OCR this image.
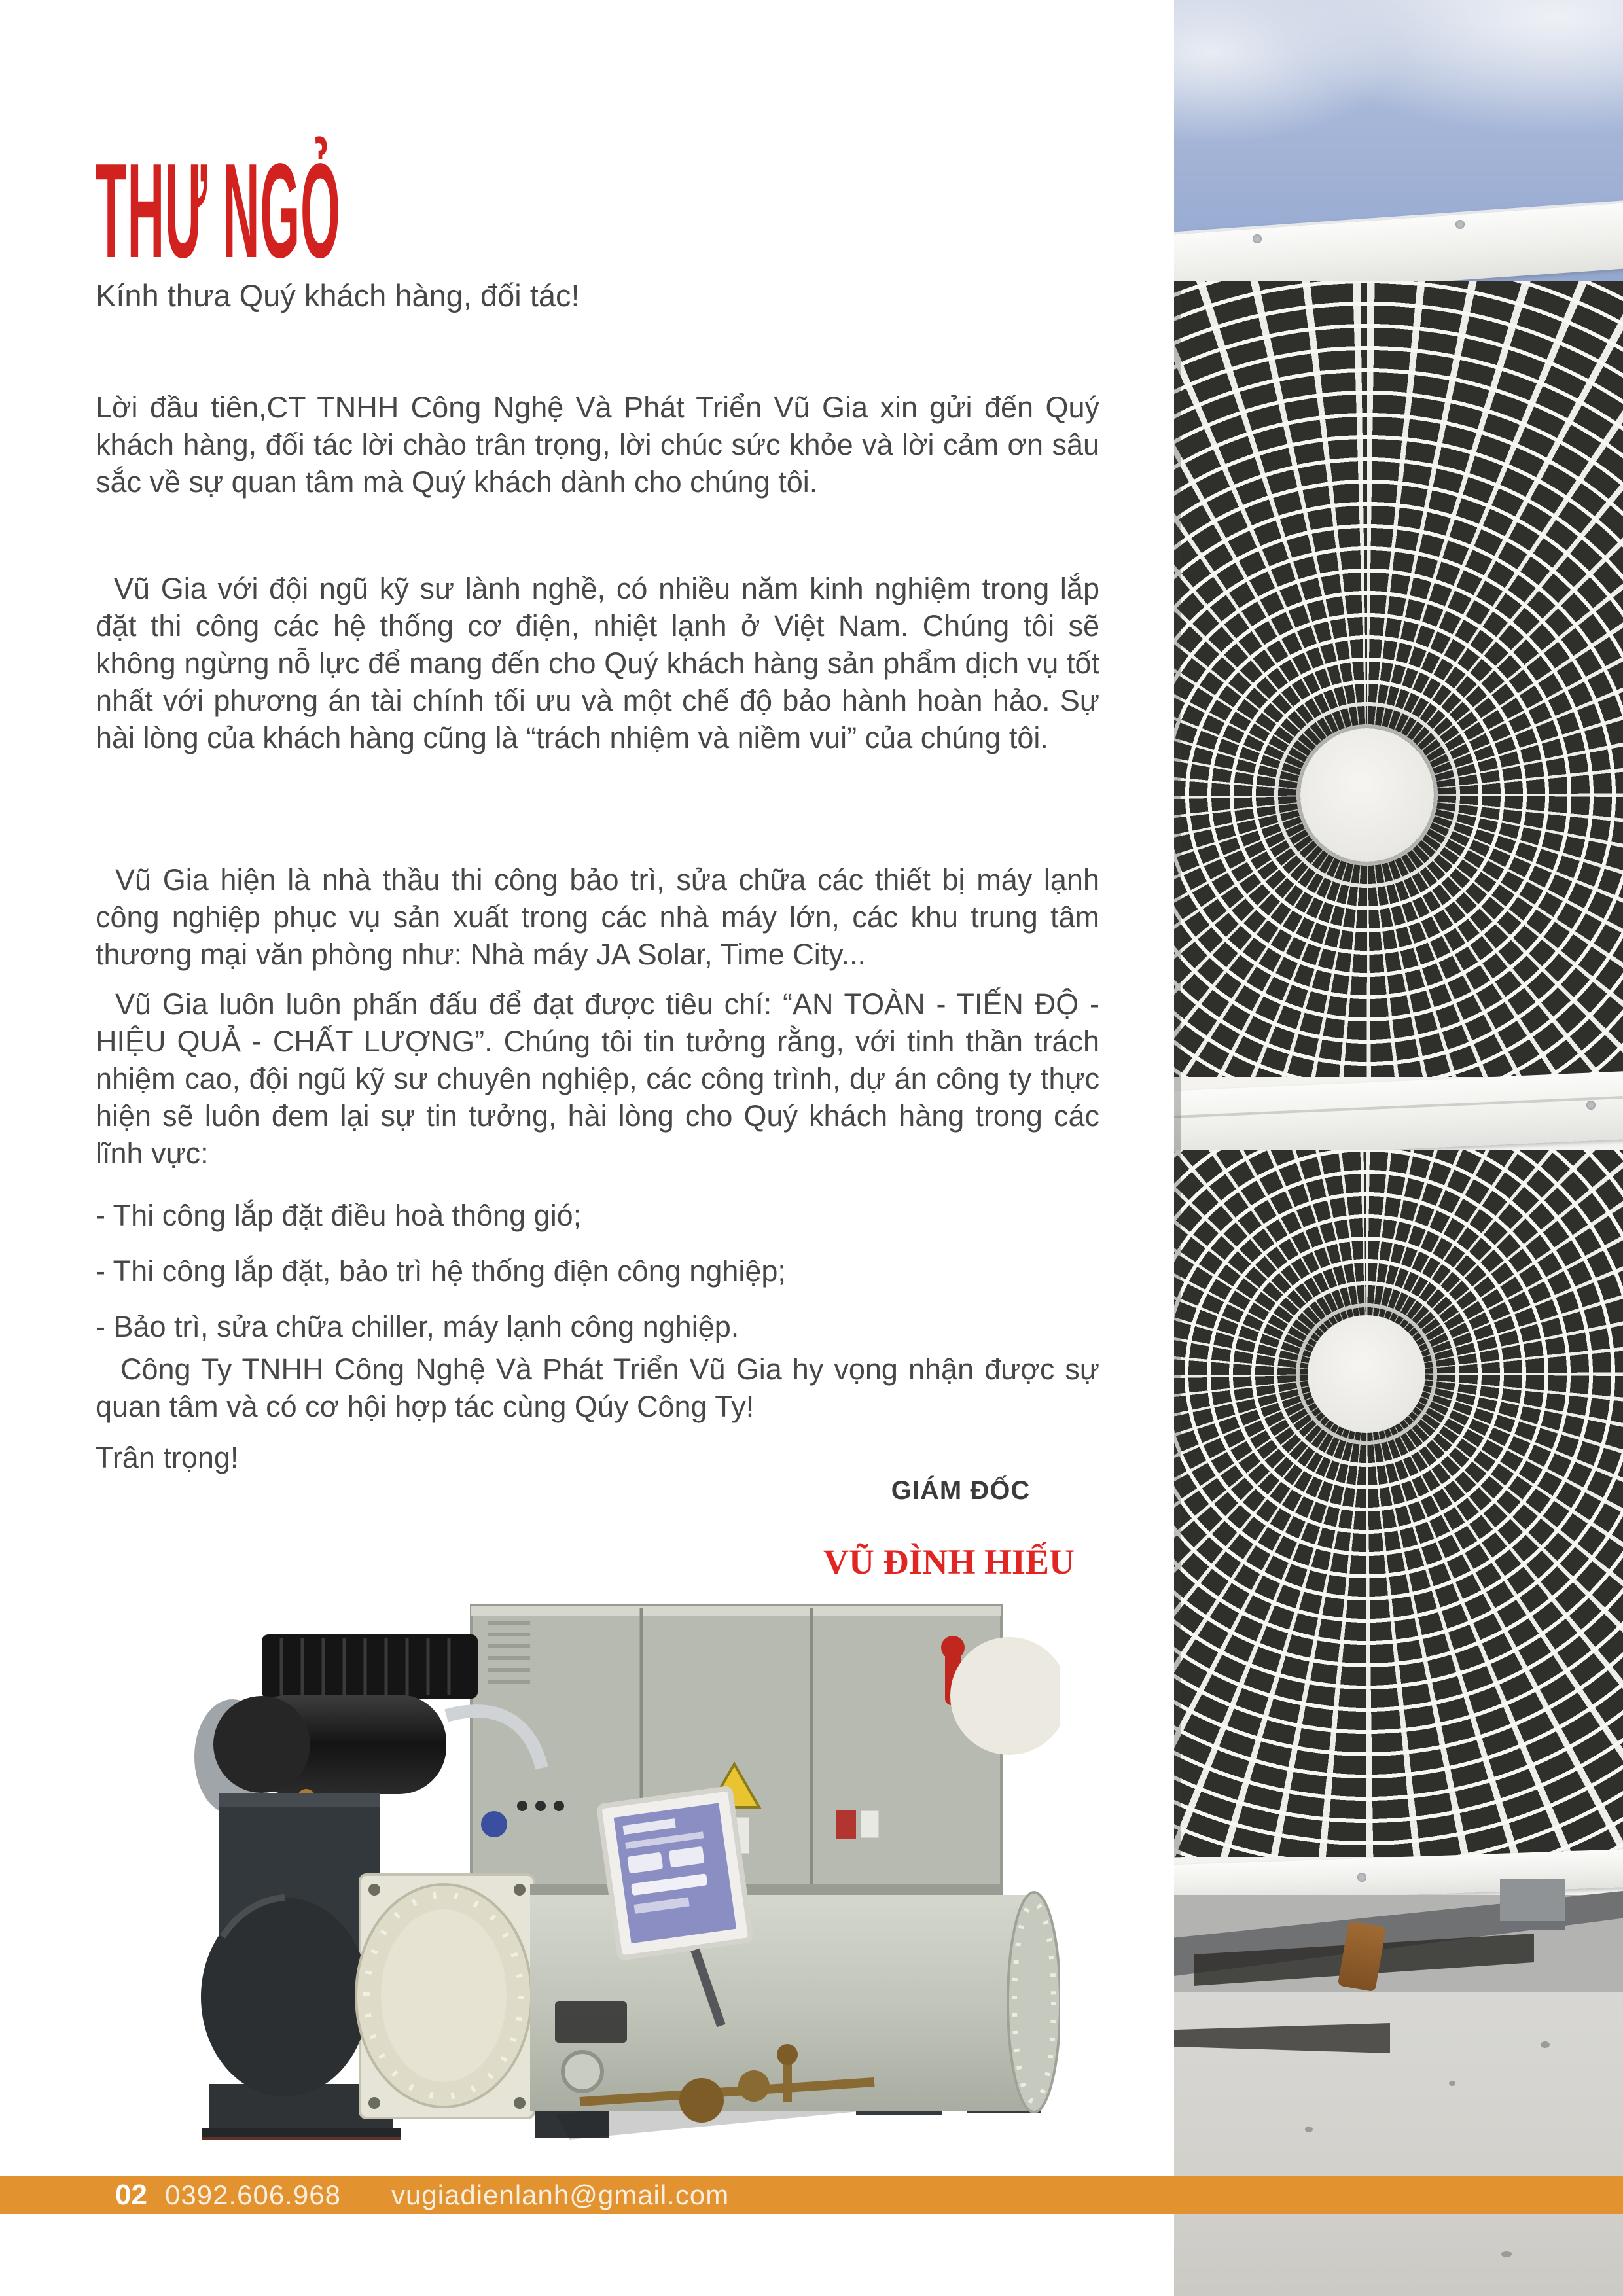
THƯ NGỎ
Kính thưa Quý khách hàng, đối tác!
Lời đầu tiên,CT TNHH Công Nghệ Và Phát Triển Vũ Gia xin gửi đến Quý khách hàng, đối tác lời chào trân trọng, lời chúc sức khỏe và lời cảm ơn sâu sắc về sự quan tâm mà Quý khách dành cho chúng tôi.
Vũ Gia với đội ngũ kỹ sư lành nghề, có nhiều năm kinh nghiệm trong lắp đặt thi công các hệ thống cơ điện, nhiệt lạnh ở Việt Nam. Chúng tôi sẽ không ngừng nỗ lực để mang đến cho Quý khách hàng sản phẩm dịch vụ tốt nhất với phương án tài chính tối ưu và một chế độ bảo hành hoàn hảo. Sự hài lòng của khách hàng cũng là “trách nhiệm và niềm vui” của chúng tôi.
Vũ Gia hiện là nhà thầu thi công bảo trì, sửa chữa các thiết bị máy lạnh công nghiệp phục vụ sản xuất trong các nhà máy lớn, các khu trung tâm thương mại văn phòng như: Nhà máy JA Solar, Time City...
Vũ Gia luôn luôn phấn đấu để đạt được tiêu chí: “AN TOÀN - TIẾN ĐỘ - HIỆU QUẢ - CHẤT LƯỢNG”. Chúng tôi tin tưởng rằng, với tinh thần trách nhiệm cao, đội ngũ kỹ sư chuyên nghiệp, các công trình, dự án công ty thực hiện sẽ luôn đem lại sự tin tưởng, hài lòng cho Quý khách hàng trong các lĩnh vực:
- Thi công lắp đặt điều hoà thông gió;
- Thi công lắp đặt, bảo trì hệ thống điện công nghiệp;
- Bảo trì, sửa chữa chiller, máy lạnh công nghiệp.
Công Ty TNHH Công Nghệ Và Phát Triển Vũ Gia hy vọng nhận được sự quan tâm và có cơ hội hợp tác cùng Qúy Công Ty!
Trân trọng!
GIÁM ĐỐC
VŨ ĐÌNH HIẾU
02 0392.606.968 vugiadienlanh@gmail.com
